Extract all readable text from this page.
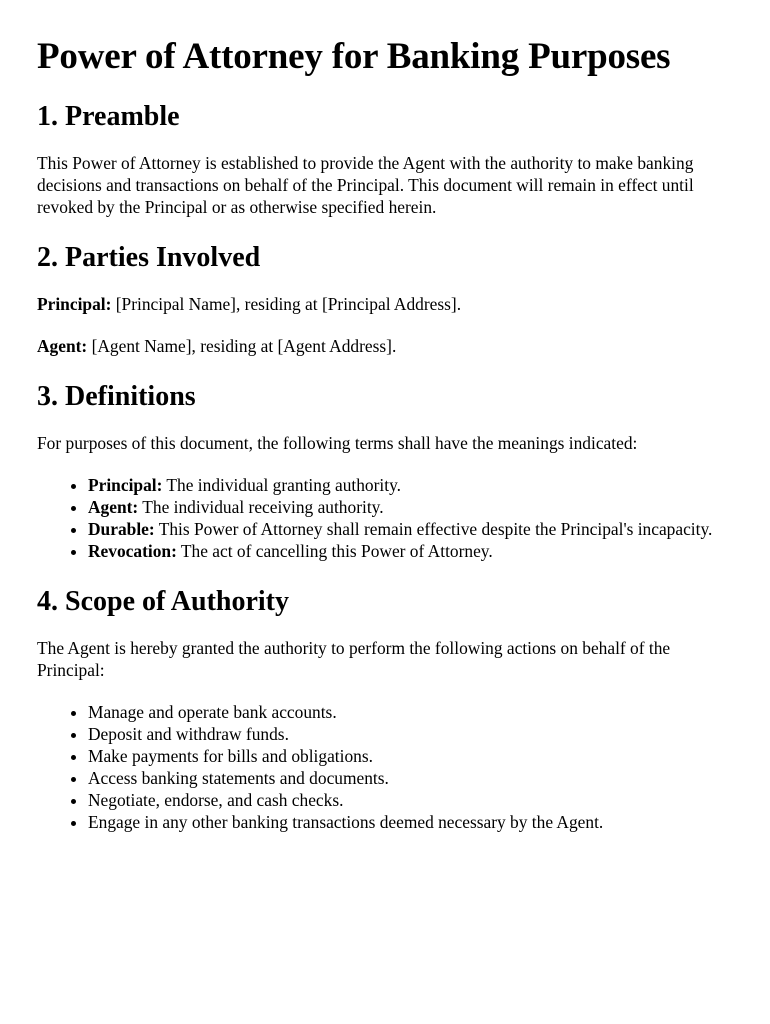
Power of Attorney for Banking Purposes
1. Preamble

This Power of Attorney is established to provide the Agent with the authority to make banking decisions and transactions on behalf of the Principal. This document will remain in effect until revoked by the Principal or as otherwise specified herein.

2. Parties Involved

Principal: [Principal Name], residing at [Principal Address].

Agent: [Agent Name], residing at [Agent Address].

3. Definitions

For purposes of this document, the following terms shall have the meanings indicated:

• Principal: The individual granting authority.
• Agent: The individual receiving authority.
• Durable: This Power of Attorney shall remain effective despite the Principal's incapacity.
• Revocation: The act of cancelling this Power of Attorney.
4. Scope of Authority

The Agent is hereby granted the authority to perform the following actions on behalf of the Principal:

• Manage and operate bank accounts.
• Deposit and withdraw funds.
• Make payments for bills and obligations.
• Access banking statements and documents.
• Negotiate, endorse, and cash checks.
• Engage in any other banking transactions deemed necessary by the Agent.
